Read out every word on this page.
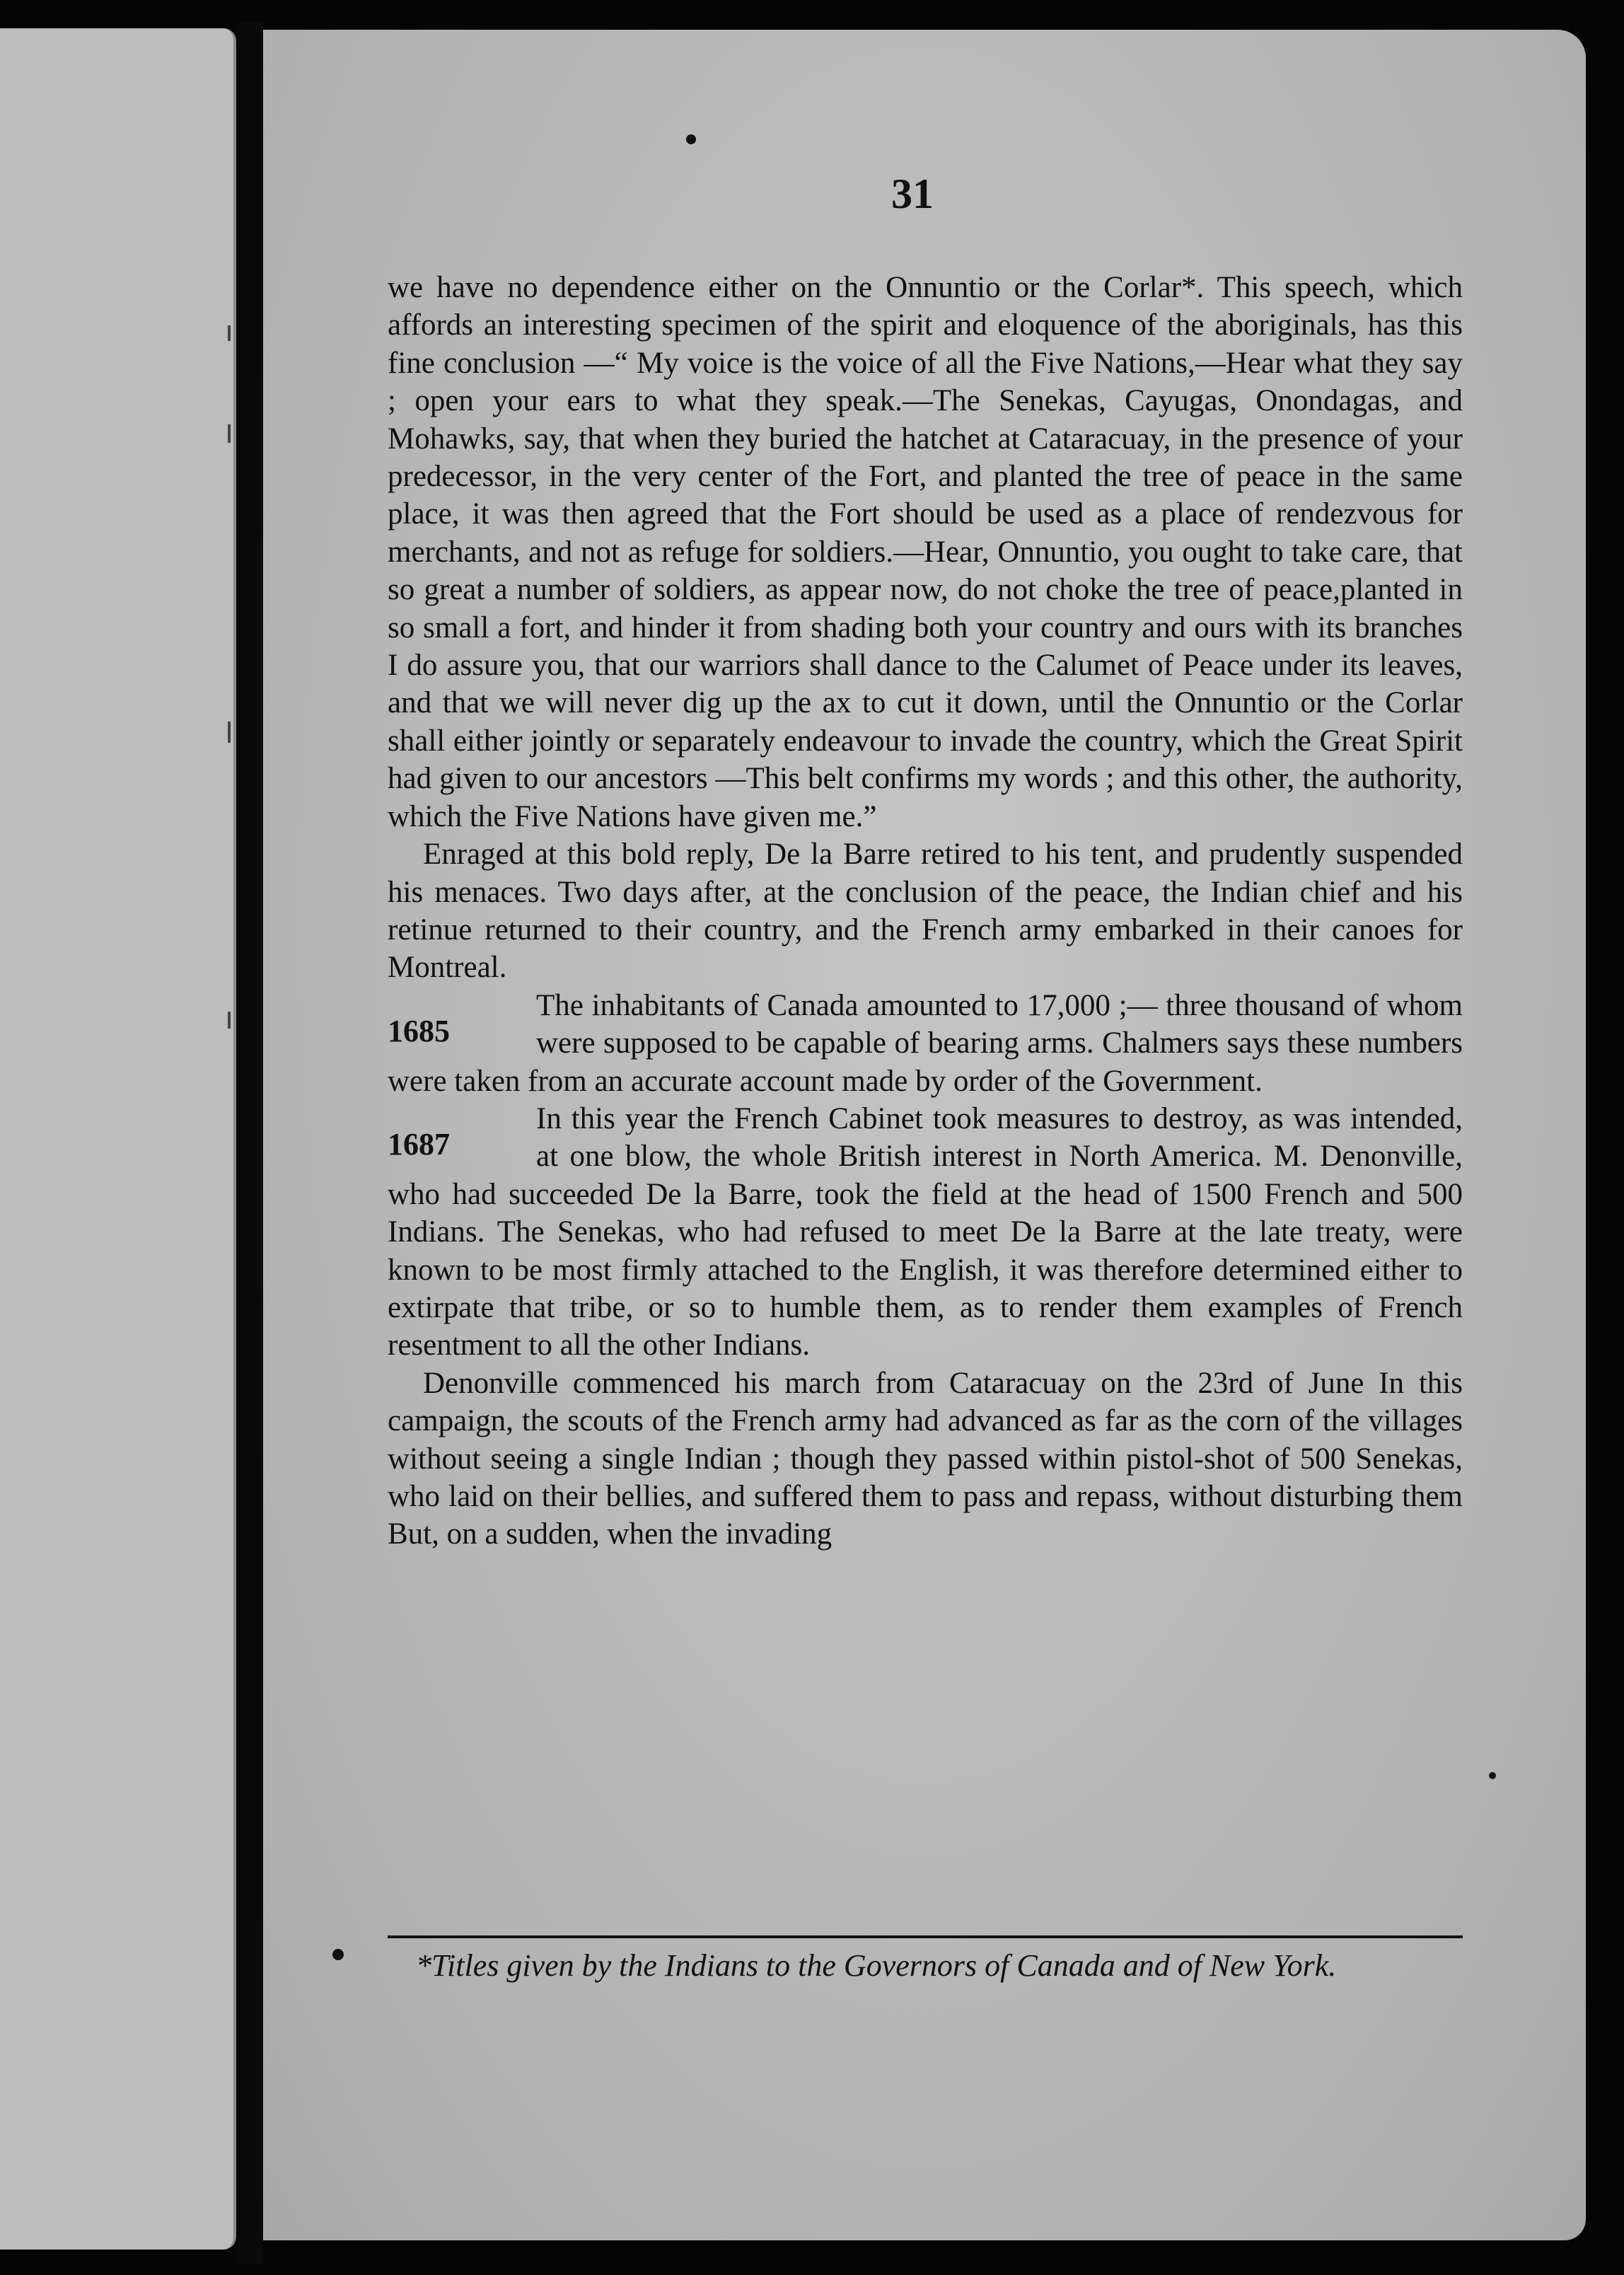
31

we have no dependence either on the Onnuntio or the Corlar*. This speech, which affords an interesting specimen of the spirit and eloquence of the aboriginals, has this fine conclusion —“ My voice is the voice of all the Five Nations,—Hear what they say ; open your ears to what they speak.—The Senekas, Cayugas, Onondagas, and Mohawks, say, that when they buried the hatchet at Cataracuay, in the presence of your predecessor, in the very center of the Fort, and planted the tree of peace in the same place, it was then agreed that the Fort should be used as a place of rendezvous for merchants, and not as refuge for soldiers.—Hear, Onnuntio, you ought to take care, that so great a number of soldiers, as appear now, do not choke the tree of peace,planted in so small a fort, and hinder it from shading both your country and ours with its branches I do assure you, that our warriors shall dance to the Calumet of Peace under its leaves, and that we will never dig up the ax to cut it down, until the Onnuntio or the Corlar shall either jointly or separately endeavour to invade the country, which the Great Spirit had given to our ancestors —This belt confirms my words ; and this other, the authority, which the Five Nations have given me.”

Enraged at this bold reply, De la Barre retired to his tent, and prudently suspended his menaces. Two days after, at the conclusion of the peace, the Indian chief and his retinue returned to their country, and the French army embarked in their canoes for Montreal.

1685

The inhabitants of Canada amounted to 17,000 ;— three thousand of whom were supposed to be capable of bearing arms. Chalmers says these numbers were taken from an accurate account made by order of the Government.

1687

In this year the French Cabinet took measures to destroy, as was intended, at one blow, the whole British interest in North America. M. Denonville, who had succeeded De la Barre, took the field at the head of 1500 French and 500 Indians. The Senekas, who had refused to meet De la Barre at the late treaty, were known to be most firmly attached to the English, it was therefore determined either to extirpate that tribe, or so to humble them, as to render them examples of French resentment to all the other Indians.

Denonville commenced his march from Cataracuay on the 23rd of June In this campaign, the scouts of the French army had advanced as far as the corn of the villages without seeing a single Indian ; though they passed within pistol-shot of 500 Senekas, who laid on their bellies, and suffered them to pass and repass, without disturbing them But, on a sudden, when the invading

*Titles given by the Indians to the Governors of Canada and of New York.
